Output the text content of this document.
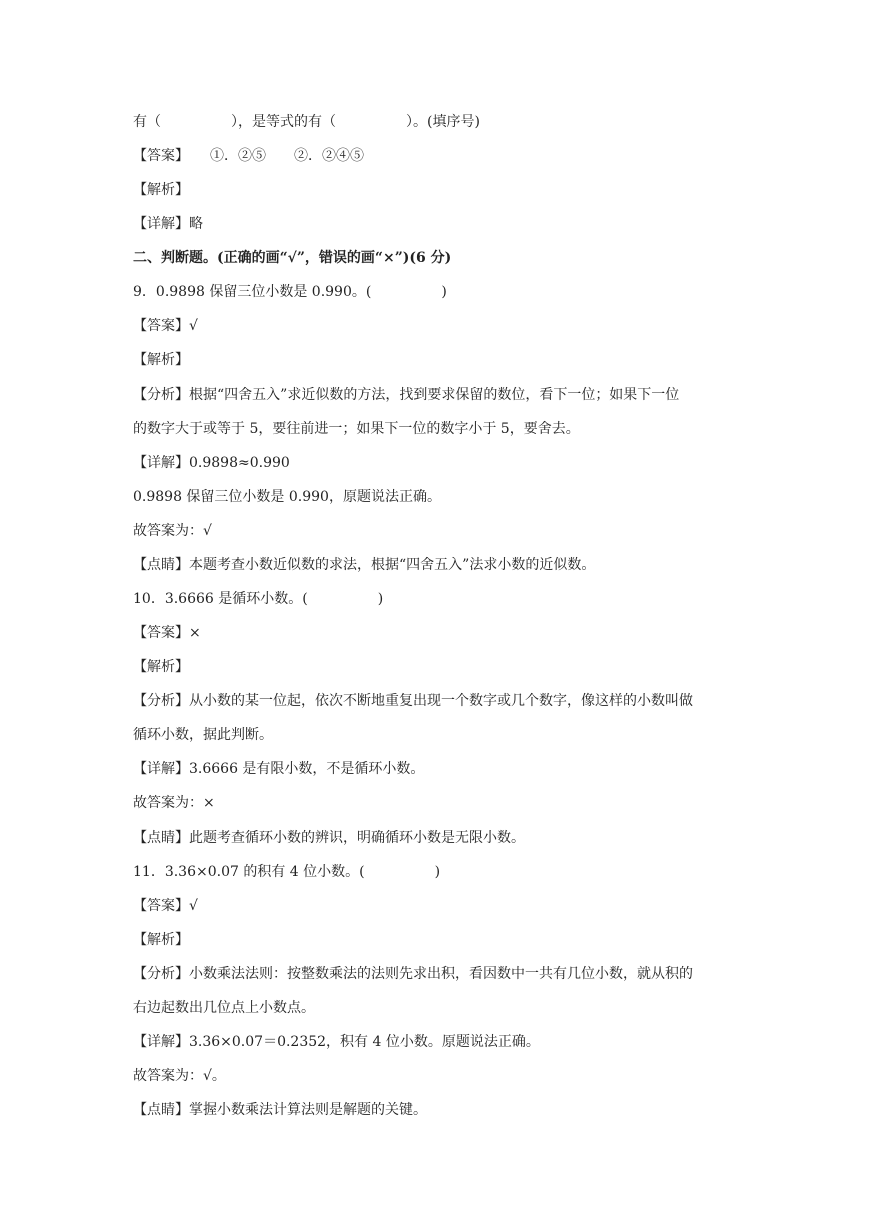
有（　　　　　），是等式的有（　　　　　）。(填序号)
【答案】　　①．②⑤　　②．②④⑤
【解析】
【详解】略
二、判断题。(正确的画“√”，错误的画“×”)(6 分)
9．0.9898 保留三位小数是 0.990。(　　　　　)
【答案】√
【解析】
【分析】根据“四舍五入”求近似数的方法，找到要求保留的数位，看下一位；如果下一位
的数字大于或等于 5，要往前进一；如果下一位的数字小于 5，要舍去。
【详解】0.9898≈0.990
0.9898 保留三位小数是 0.990，原题说法正确。
故答案为：√
【点睛】本题考查小数近似数的求法，根据“四舍五入”法求小数的近似数。
10．3.6666 是循环小数。(　　　　　)
【答案】×
【解析】
【分析】从小数的某一位起，依次不断地重复出现一个数字或几个数字，像这样的小数叫做
循环小数，据此判断。
【详解】3.6666 是有限小数，不是循环小数。
故答案为：×
【点睛】此题考查循环小数的辨识，明确循环小数是无限小数。
11．3.36×0.07 的积有 4 位小数。(　　　　　)
【答案】√
【解析】
【分析】小数乘法法则：按整数乘法的法则先求出积，看因数中一共有几位小数，就从积的
右边起数出几位点上小数点。
【详解】3.36×0.07＝0.2352，积有 4 位小数。原题说法正确。
故答案为：√。
【点睛】掌握小数乘法计算法则是解题的关键。
